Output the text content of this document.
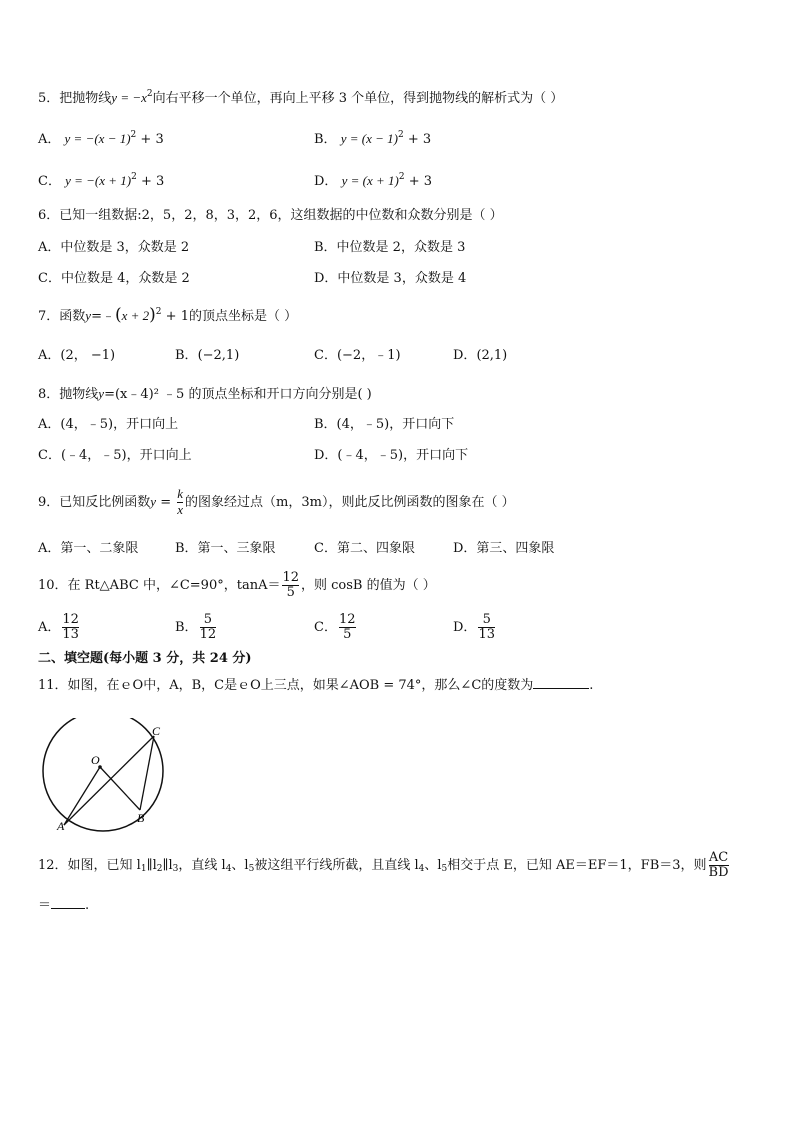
5．把抛物线$y = -x^2$向右平移一个单位，再向上平移 3 个单位，得到抛物线的解析式为（ ）
A． $y = -(x - 1)^2 + 3$	B． $y = (x - 1)^2 + 3$
C． $y = -(x + 1)^2 + 3$	D． $y = (x + 1)^2 + 3$
6．已知一组数据:2，5，2，8，3，2，6，这组数据的中位数和众数分别是（ ）
A．中位数是 3，众数是 2	B．中位数是 2，众数是 3
C．中位数是 4，众数是 2	D．中位数是 3，众数是 4
7．函数y=﹣(x + 2)$^2$ + 1的顶点坐标是（ ）
A．(2， −1)	B．(−2,1)	C．(−2，﹣1)	D．(2,1)
8．抛物线y=(x﹣4)² ﹣5 的顶点坐标和开口方向分别是( )
A．(4，﹣5)，开口向上	B．(4，﹣5)，开口向下
C．(﹣4，﹣5)，开口向上	D．(﹣4，﹣5)，开口向下
9．已知反比例函数$y = \frac{k}{x}$ 的图象经过点（m，3m），则此反比例函数的图象在（ ）
A．第一、二象限	B．第一、三象限	C．第二、四象限	D．第三、四象限
10．在 Rt△ABC 中，∠C=90°，$\tan A= \frac{12}{5}$ ，则 cosB 的值为（ ）
A． $\frac{12}{13}$	B． $\frac{5}{12}$	C． $\frac{12}{5}$	D． $\frac{5}{13}$
二、填空题(每小题 3 分，共 24 分)
11．如图，在ｅO中，A，B，C是ｅO上三点，如果∠AOB = 74°，那么∠C的度数为	.
O
A
B
C
12．如图，已知 $l_1\parallel l_2\parallel l_3$，直线 $l_4$、$l_5$被这组平行线所截，且直线 $l_4$、$l_5$相交于点 E，已知 AE＝EF＝1，FB＝3，则 $\frac{AC}{BD}$
＝	.
